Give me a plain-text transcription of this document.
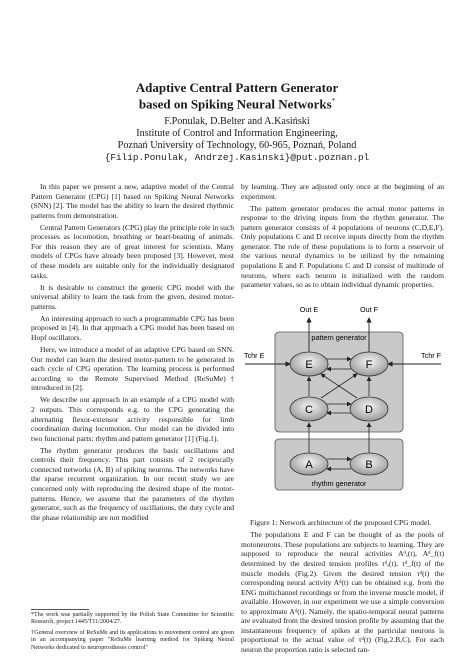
Adaptive Central Pattern Generator
based on Spiking Neural Networks*
F.Ponulak, D.Belter and A.Kasiński
Institute of Control and Information Engineering,
Poznań University of Technology, 60-965, Poznań, Poland
{Filip.Ponulak, Andrzej.Kasinski}@put.poznan.pl

In this paper we present a new, adaptive model of the Central Pattern Generator (CPG) [1] based on Spiking Neural Networks (SNN) [2]. The model has the ability to learn the desired rhythmic patterns from demonstration.

Central Pattern Generators (CPG) play the principle role in such processes as locomotion, breathing or heart-beating of animals. For this reason they are of great interest for scientists. Many models of CPGs have already been proposed [3]. However, most of these models are suitable only for the individually designated tasks.

It is desirable to construct the generic CPG model with the universal ability to learn the task from the given, desired motor-patterns.

An interesting approach to such a programmable CPG has been proposed in [4]. In that approach a CPG model has been based on Hopf oscillators.

Here, we introduce a model of an adaptive CPG based on SNN. Our model can learn the desired motor-pattern to be generated in each cycle of CPG operation. The learning process is performed according to the Remote Supervised Method (ReSuMe)† introduced in [2].

We describe our approach in an example of a CPG model with 2 outputs. This corresponds e.g. to the CPG generating the alternating flexor-extensor activity responsible for limb coordination during locomotion. Our model can be divided into two functional parts: rhythm and pattern generator [1] (Fig.1).

The rhythm generator produces the basic oscillations and controls their frequency. This part consists of 2 reciprocally connected networks (A, B) of spiking neurons. The networks have the sparse recurrent organization. In our recent study we are concerned only with reproducing the desired shape of the motor-patterns. Hence, we assume that the parameters of the rhythm generator, such as the frequency of oscillations, the duty cycle and the phase relationship are not modified

by learning. They are adjusted only once at the beginning of an experiment.

The pattern generator produces the actual motor patterns in response to the driving inputs from the rhythm generator. The pattern generator consists of 4 populations of neurons (C,D,E,F). Only populations C and D receive inputs directly from the rhythm generator. The role of these populations is to form a reservoir of the various neural dynamics to be utilized by the remaining populations E and F. Populations C and D consist of multitude of neurons, where each neuron is initialized with the random parameter values, so as to obtain individual dynamic properties.

pattern generator
rhythm generator
Out E	Out F
Tchr E	Tchr F
E	F
C	D
A	B

Figure 1: Network architecture of the proposed CPG model.

The populations E and F can be thought of as the pools of motoneurons. These populations are subjects to learning. They are supposed to reproduce the neural activities Aᵈₑ(t), Aᵈ_f(t) determined by the desired tension profiles τᵈₑ(t), τᵈ_f(t) of the muscle models (Fig.2). Given the desired tension τᵈ(t) the corresponding neural activity Aᵈ(t) can be obtained e.g. from the ENG multichannel recordings or from the inverse muscle model, if available. However, in our experiment we use a simple conversion to approximate Aᵈ(t). Namely, the spatio-temporal neural patterns are evaluated from the desired tension profile by assuming that the instantaneous frequency of spikes at the particular neurons is proportional to the actual value of τᵈ(t) (Fig.2.B,C). For each neuron the proportion ratio is selected ran-

*The work was partially supported by the Polish State Committee for Scientific Research, project 1445/T11/2004/27.
†General overview of ReSuMe and its applications to movement control are given in an accompanying paper "ReSuMe learning method for Spiking Neural Networks dedicated to neuroprostheses control"
